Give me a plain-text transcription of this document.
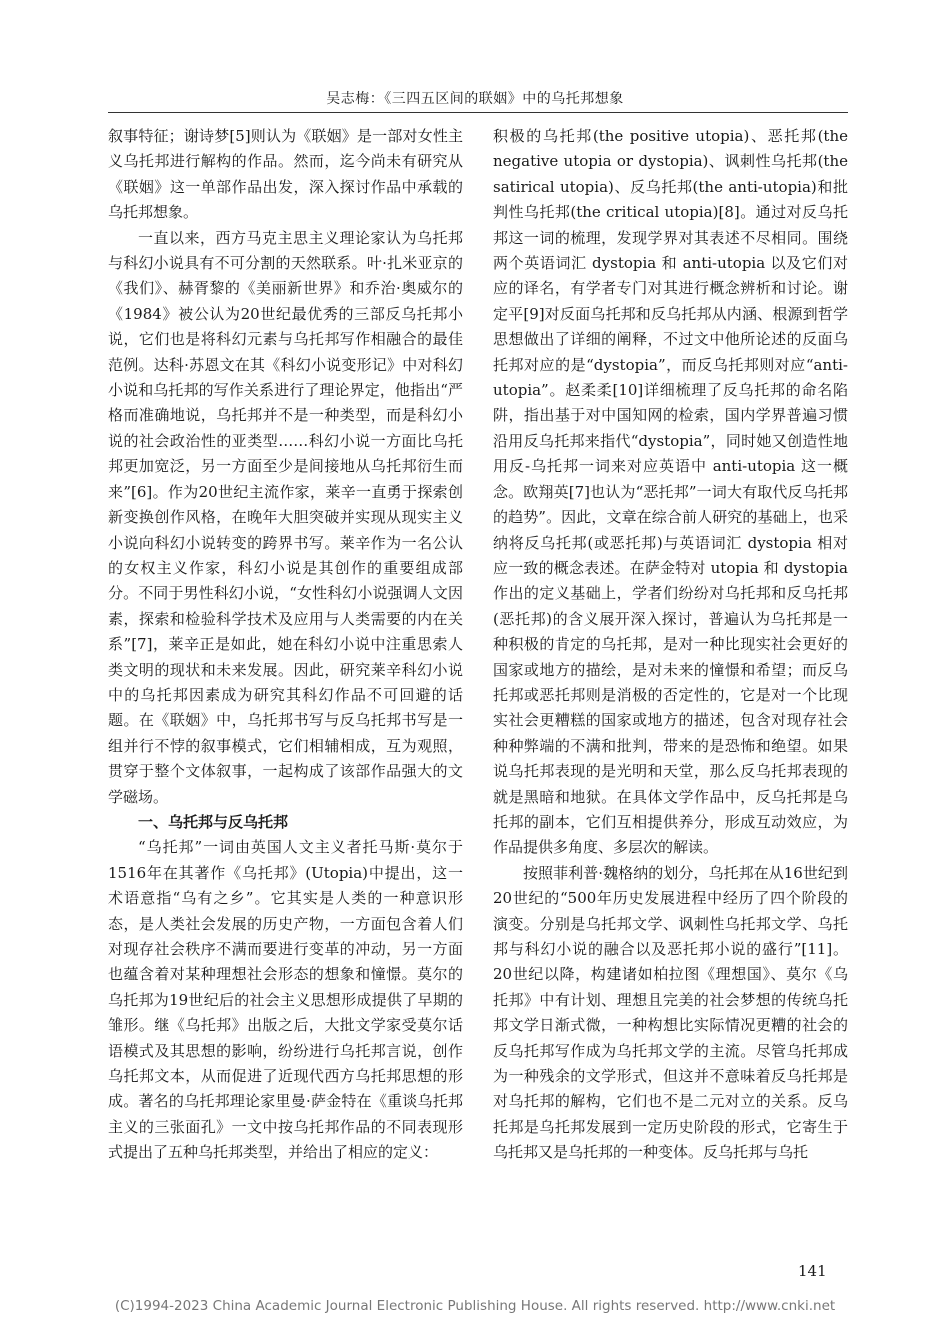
吴志梅：《三四五区间的联姻》中的乌托邦想象

叙事特征；谢诗梦[5]则认为《联姻》是一部对女性主义乌托邦进行解构的作品。然而，迄今尚未有研究从《联姻》这一单部作品出发，深入探讨作品中承载的乌托邦想象。

一直以来，西方马克主思主义理论家认为乌托邦与科幻小说具有不可分割的天然联系。叶·扎米亚京的《我们》、赫胥黎的《美丽新世界》和乔治·奥威尔的《1984》被公认为20世纪最优秀的三部反乌托邦小说，它们也是将科幻元素与乌托邦写作相融合的最佳范例。达科·苏恩文在其《科幻小说变形记》中对科幻小说和乌托邦的写作关系进行了理论界定，他指出“严格而准确地说，乌托邦并不是一种类型，而是科幻小说的社会政治性的亚类型……科幻小说一方面比乌托邦更加宽泛，另一方面至少是间接地从乌托邦衍生而来”[6]。作为20世纪主流作家，莱辛一直勇于探索创新变换创作风格，在晚年大胆突破并实现从现实主义小说向科幻小说转变的跨界书写。莱辛作为一名公认的女权主义作家，科幻小说是其创作的重要组成部分。不同于男性科幻小说，“女性科幻小说强调人文因素，探索和检验科学技术及应用与人类需要的内在关系”[7]，莱辛正是如此，她在科幻小说中注重思索人类文明的现状和未来发展。因此，研究莱辛科幻小说中的乌托邦因素成为研究其科幻作品不可回避的话题。在《联姻》中，乌托邦书写与反乌托邦书写是一组并行不悖的叙事模式，它们相辅相成，互为观照，贯穿于整个文体叙事，一起构成了该部作品强大的文学磁场。

一、乌托邦与反乌托邦

“乌托邦”一词由英国人文主义者托马斯·莫尔于1516年在其著作《乌托邦》(Utopia)中提出，这一术语意指“乌有之乡”。它其实是人类的一种意识形态，是人类社会发展的历史产物，一方面包含着人们对现存社会秩序不满而要进行变革的冲动，另一方面也蕴含着对某种理想社会形态的想象和憧憬。莫尔的乌托邦为19世纪后的社会主义思想形成提供了早期的雏形。继《乌托邦》出版之后，大批文学家受莫尔话语模式及其思想的影响，纷纷进行乌托邦言说，创作乌托邦文本，从而促进了近现代西方乌托邦思想的形成。著名的乌托邦理论家里曼·萨金特在《重谈乌托邦主义的三张面孔》一文中按乌托邦作品的不同表现形式提出了五种乌托邦类型，并给出了相应的定义：

积极的乌托邦(the positive utopia)、恶托邦(the negative utopia or dystopia)、讽刺性乌托邦(the satirical utopia)、反乌托邦(the anti-utopia)和批判性乌托邦(the critical utopia)[8]。通过对反乌托邦这一词的梳理，发现学界对其表述不尽相同。围绕两个英语词汇 dystopia 和 anti-utopia 以及它们对应的译名，有学者专门对其进行概念辨析和讨论。谢定平[9]对反面乌托邦和反乌托邦从内涵、根源到哲学思想做出了详细的阐释，不过文中他所论述的反面乌托邦对应的是“dystopia”，而反乌托邦则对应“anti-utopia”。赵柔柔[10]详细梳理了反乌托邦的命名陷阱，指出基于对中国知网的检索，国内学界普遍习惯沿用反乌托邦来指代“dystopia”，同时她又创造性地用反-乌托邦一词来对应英语中 anti-utopia 这一概念。欧翔英[7]也认为“恶托邦”一词大有取代反乌托邦的趋势”。因此，文章在综合前人研究的基础上，也采纳将反乌托邦(或恶托邦)与英语词汇 dystopia 相对应一致的概念表述。在萨金特对 utopia 和 dystopia 作出的定义基础上，学者们纷纷对乌托邦和反乌托邦(恶托邦)的含义展开深入探讨，普遍认为乌托邦是一种积极的肯定的乌托邦，是对一种比现实社会更好的国家或地方的描绘，是对未来的憧憬和希望；而反乌托邦或恶托邦则是消极的否定性的，它是对一个比现实社会更糟糕的国家或地方的描述，包含对现存社会种种弊端的不满和批判，带来的是恐怖和绝望。如果说乌托邦表现的是光明和天堂，那么反乌托邦表现的就是黑暗和地狱。在具体文学作品中，反乌托邦是乌托邦的副本，它们互相提供养分，形成互动效应，为作品提供多角度、多层次的解读。

按照菲利普·魏格纳的划分，乌托邦在从16世纪到20世纪的“500年历史发展进程中经历了四个阶段的演变。分别是乌托邦文学、讽刺性乌托邦文学、乌托邦与科幻小说的融合以及恶托邦小说的盛行”[11]。20世纪以降，构建诸如柏拉图《理想国》、莫尔《乌托邦》中有计划、理想且完美的社会梦想的传统乌托邦文学日渐式微，一种构想比实际情况更糟的社会的反乌托邦写作成为乌托邦文学的主流。尽管乌托邦成为一种残余的文学形式，但这并不意味着反乌托邦是对乌托邦的解构，它们也不是二元对立的关系。反乌托邦是乌托邦发展到一定历史阶段的形式，它寄生于乌托邦又是乌托邦的一种变体。反乌托邦与乌托

141
(C)1994-2023 China Academic Journal Electronic Publishing House. All rights reserved. http://www.cnki.net
